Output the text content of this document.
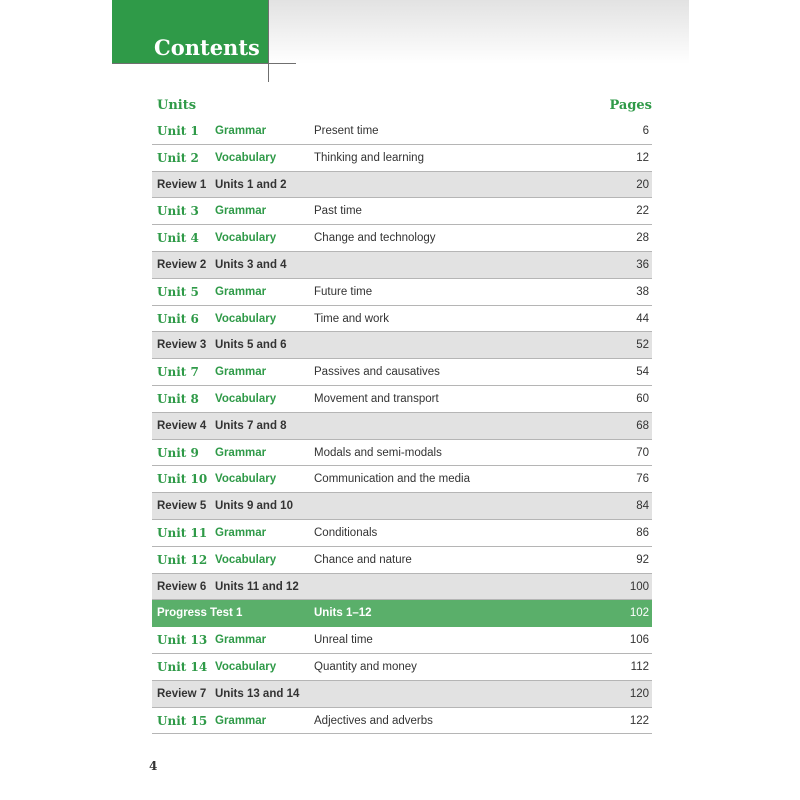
Contents
Units	Pages
Unit 1 Grammar	Present time	6
Unit 2 Vocabulary	Thinking and learning	12
Review 1 Units 1 and 2	20
Unit 3 Grammar	Past time	22
Unit 4 Vocabulary	Change and technology	28
Review 2 Units 3 and 4	36
Unit 5 Grammar	Future time	38
Unit 6 Vocabulary	Time and work	44
Review 3 Units 5 and 6	52
Unit 7 Grammar	Passives and causatives	54
Unit 8 Vocabulary	Movement and transport	60
Review 4 Units 7 and 8	68
Unit 9 Grammar	Modals and semi-modals	70
Unit 10 Vocabulary	Communication and the media	76
Review 5 Units 9 and 10	84
Unit 11 Grammar	Conditionals	86
Unit 12 Vocabulary	Chance and nature	92
Review 6 Units 11 and 12	100
Progress Test 1	Units 1–12	102
Unit 13 Grammar	Unreal time	106
Unit 14 Vocabulary	Quantity and money	112
Review 7 Units 13 and 14	120
Unit 15 Grammar	Adjectives and adverbs	122
4
